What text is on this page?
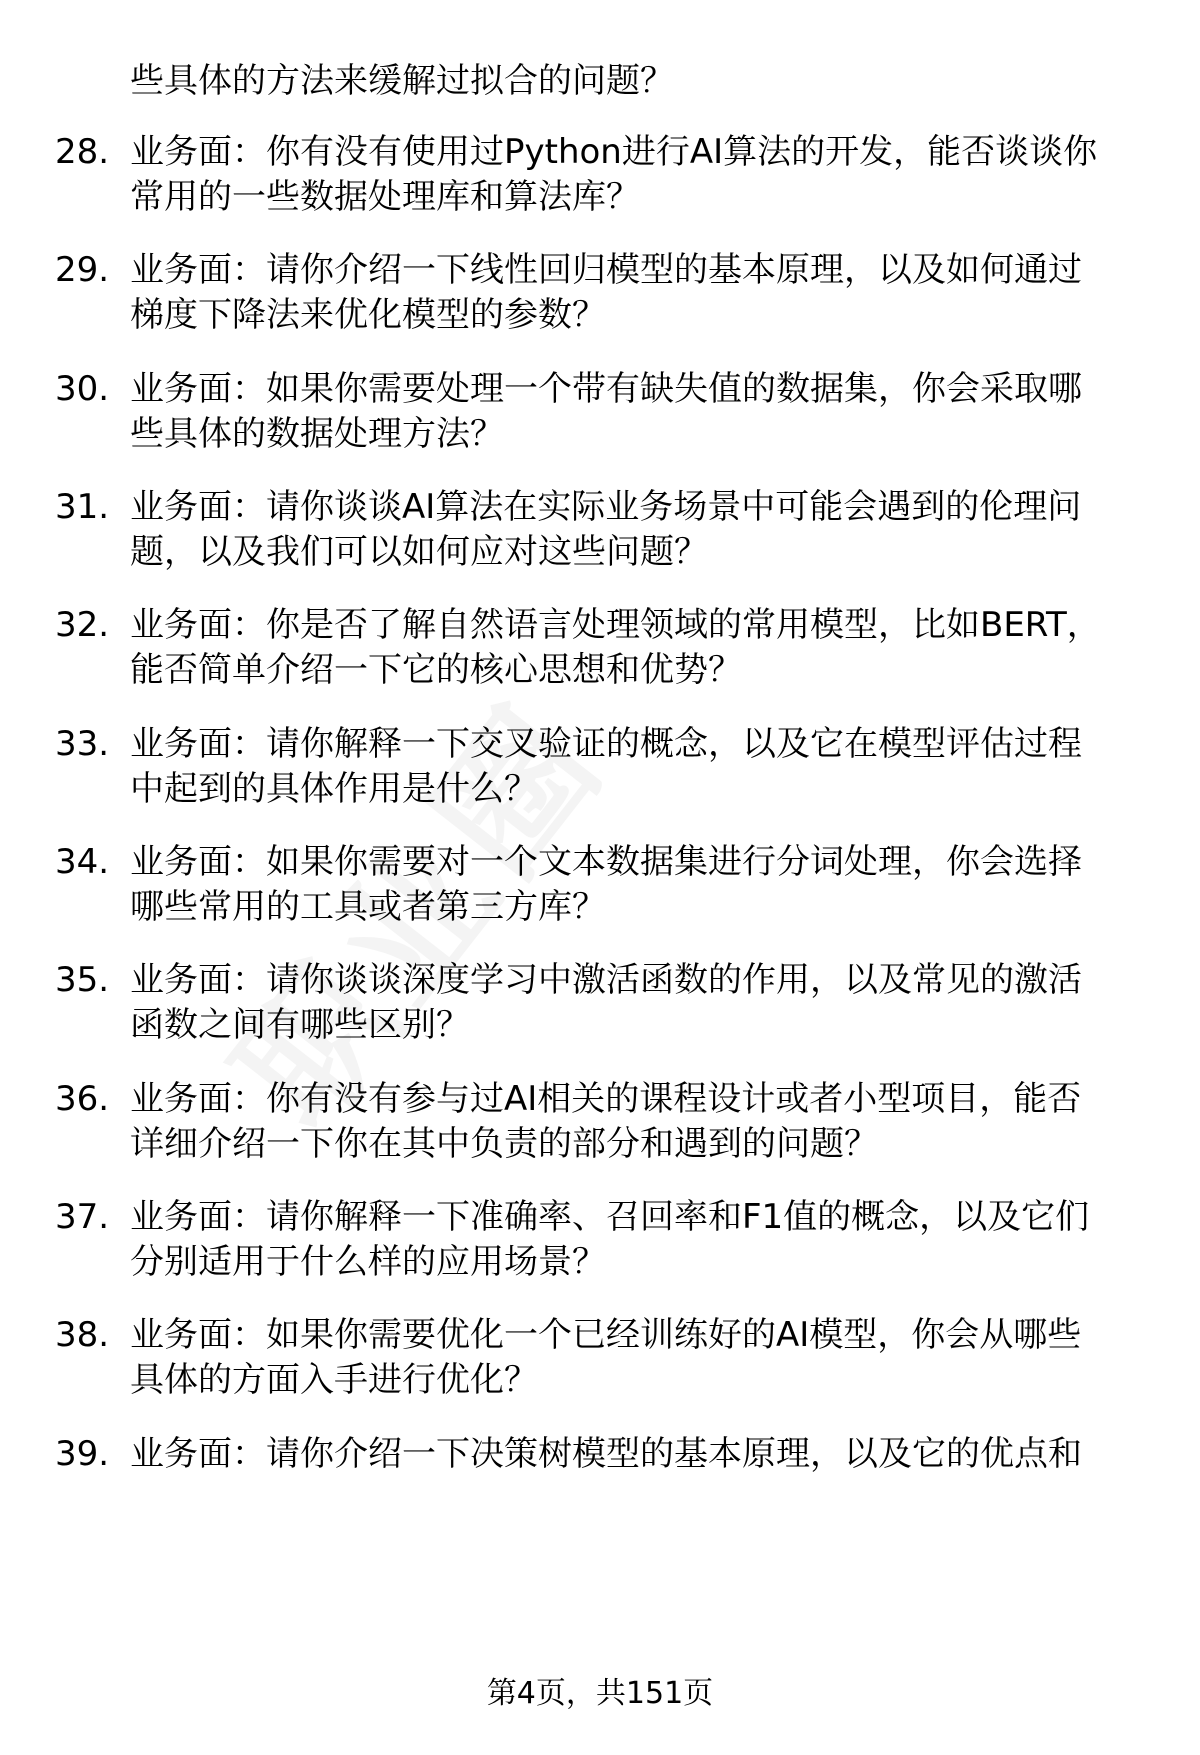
些具体的方法来缓解过拟合的问题？
28. 业务面：你有没有使用过Python进行AI算法的开发，能否谈谈你
常用的一些数据处理库和算法库？
29. 业务面：请你介绍一下线性回归模型的基本原理，以及如何通过
梯度下降法来优化模型的参数？
30. 业务面：如果你需要处理一个带有缺失值的数据集，你会采取哪
些具体的数据处理方法？
31. 业务面：请你谈谈AI算法在实际业务场景中可能会遇到的伦理问
题，以及我们可以如何应对这些问题？
32. 业务面：你是否了解自然语言处理领域的常用模型，比如BERT，
能否简单介绍一下它的核心思想和优势？
33. 业务面：请你解释一下交叉验证的概念，以及它在模型评估过程
中起到的具体作用是什么？
34. 业务面：如果你需要对一个文本数据集进行分词处理，你会选择
哪些常用的工具或者第三方库？
35. 业务面：请你谈谈深度学习中激活函数的作用，以及常见的激活
函数之间有哪些区别？
36. 业务面：你有没有参与过AI相关的课程设计或者小型项目，能否
详细介绍一下你在其中负责的部分和遇到的问题？
37. 业务面：请你解释一下准确率、召回率和F1值的概念，以及它们
分别适用于什么样的应用场景？
38. 业务面：如果你需要优化一个已经训练好的AI模型，你会从哪些
具体的方面入手进行优化？
39. 业务面：请你介绍一下决策树模型的基本原理，以及它的优点和
第4页，共151页
